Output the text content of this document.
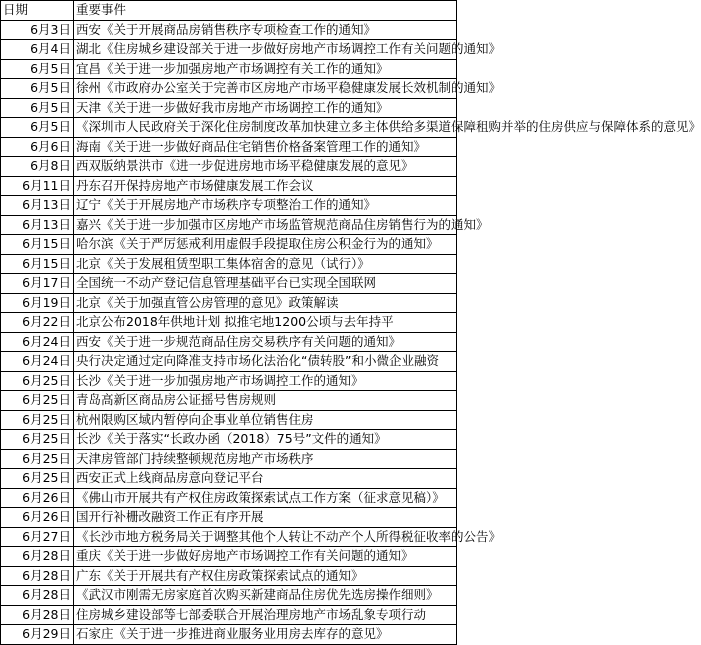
日期	重要事件
6月3日	西安《关于开展商品房销售秩序专项检查工作的通知》
6月4日	湖北《住房城乡建设部关于进一步做好房地产市场调控工作有关问题的通知》
6月5日	宜昌《关于进一步加强房地产市场调控有关工作的通知》
6月5日	徐州《市政府办公室关于完善市区房地产市场平稳健康发展长效机制的通知》
6月5日	天津《关于进一步做好我市房地产市场调控工作的通知》
6月5日	《深圳市人民政府关于深化住房制度改革加快建立多主体供给多渠道保障租购并举的住房供应与保障体系的意见》
6月6日	海南《关于进一步做好商品住宅销售价格备案管理工作的通知》
6月8日	西双版纳景洪市《进一步促进房地市场平稳健康发展的意见》
6月11日	丹东召开保持房地产市场健康发展工作会议
6月13日	辽宁《关于开展房地产市场秩序专项整治工作的通知》
6月13日	嘉兴《关于进一步加强市区房地产市场监管规范商品住房销售行为的通知》
6月15日	哈尔滨《关于严厉惩戒利用虚假手段提取住房公积金行为的通知》
6月15日	北京《关于发展租赁型职工集体宿舍的意见（试行）》
6月17日	全国统一不动产登记信息管理基础平台已实现全国联网
6月19日	北京《关于加强直管公房管理的意见》政策解读
6月22日	北京公布2018年供地计划 拟推宅地1200公顷与去年持平
6月24日	西安《关于进一步规范商品住房交易秩序有关问题的通知》
6月24日	央行决定通过定向降准支持市场化法治化“债转股”和小微企业融资
6月25日	长沙《关于进一步加强房地产市场调控工作的通知》
6月25日	青岛高新区商品房公证摇号售房规则
6月25日	杭州限购区域内暂停向企事业单位销售住房
6月25日	长沙《关于落实“长政办函（2018）75号”文件的通知》
6月25日	天津房管部门持续整顿规范房地产市场秩序
6月25日	西安正式上线商品房意向登记平台
6月26日	《佛山市开展共有产权住房政策探索试点工作方案（征求意见稿）》
6月26日	国开行补栅改融资工作正有序开展
6月27日	《长沙市地方税务局关于调整其他个人转让不动产个人所得税征收率的公告》
6月28日	重庆《关于进一步做好房地产市场调控工作有关问题的通知》
6月28日	广东《关于开展共有产权住房政策探索试点的通知》
6月28日	《武汉市刚需无房家庭首次购买新建商品住房优先选房操作细则》
6月28日	住房城乡建设部等七部委联合开展治理房地产市场乱象专项行动
6月29日	石家庄《关于进一步推进商业服务业用房去库存的意见》
